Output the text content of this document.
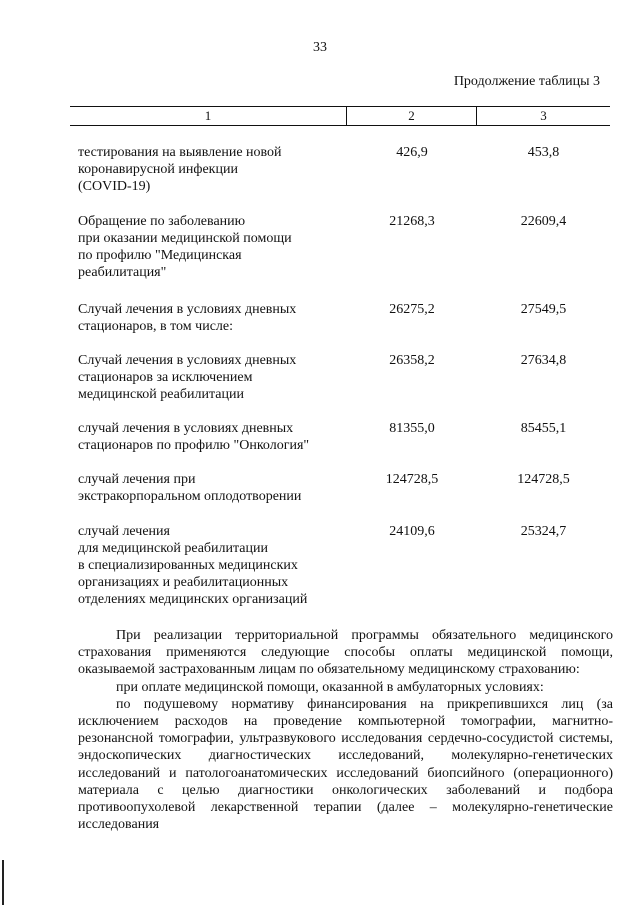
33
Продолжение таблицы 3
1	2	3
тестирования на выявление новой
коронавирусной инфекции
(COVID-19)
426,9	453,8
Обращение по заболеванию
при оказании медицинской помощи
по профилю "Медицинская
реабилитация"
21268,3	22609,4
Случай лечения в условиях дневных
стационаров, в том числе:
26275,2	27549,5
Случай лечения в условиях дневных
стационаров за исключением
медицинской реабилитации
26358,2	27634,8
случай лечения в условиях дневных
стационаров по профилю "Онкология"
81355,0	85455,1
случай лечения при
экстракорпоральном оплодотворении
124728,5	124728,5
случай лечения
для медицинской реабилитации
в специализированных медицинских
организациях и реабилитационных
отделениях медицинских организаций
24109,6	25324,7

При реализации территориальной программы обязательного медицинского страхования применяются следующие способы оплаты медицинской помощи, оказываемой застрахованным лицам по обязательному медицинскому страхованию:

при оплате медицинской помощи, оказанной в амбулаторных условиях:

по подушевому нормативу финансирования на прикрепившихся лиц (за исключением расходов на проведение компьютерной томографии, магнитно-резонансной томографии, ультразвукового исследования сердечно-сосудистой системы, эндоскопических диагностических исследований, молекулярно-генетических исследований и патологоанатомических исследований биопсийного (операционного) материала с целью диагностики онкологических заболеваний и подбора противоопухолевой лекарственной терапии (далее – молекулярно-генетические исследования
